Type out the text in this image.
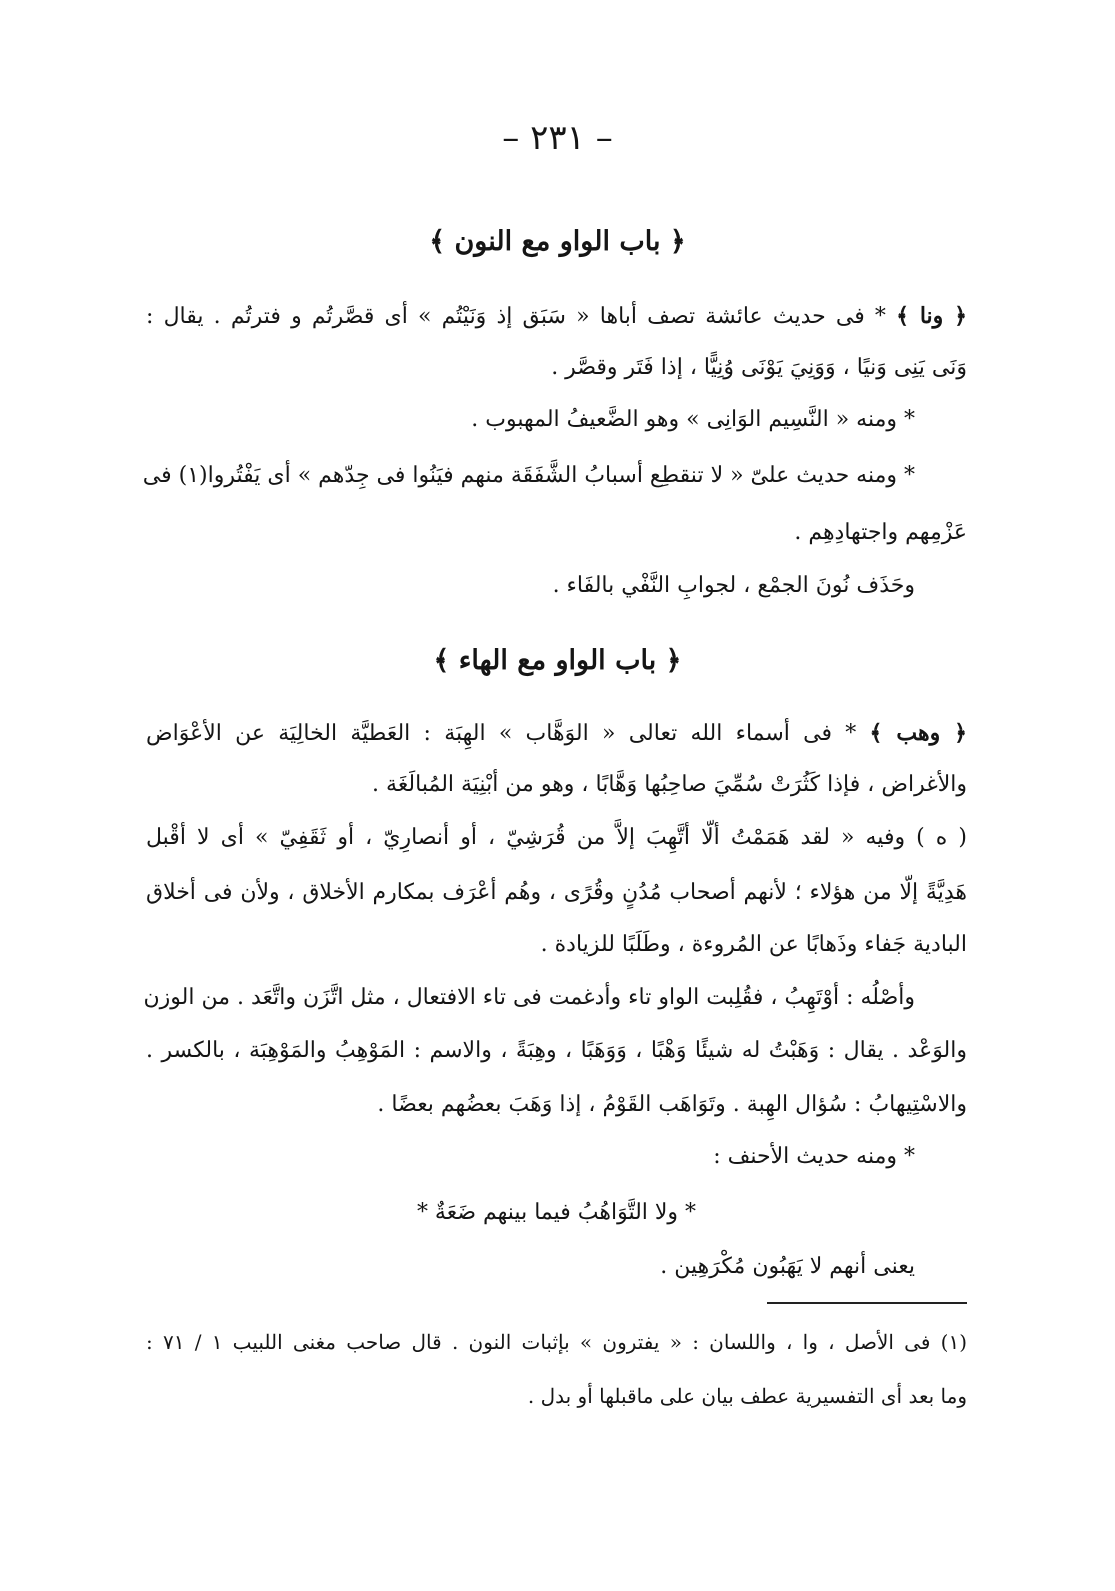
– ٢٣١ –
﴿ باب الواو مع النون ﴾
﴿ ونا ﴾ * فى حديث عائشة تصف أباها « سَبَق إذ وَنَيْتُم » أى قصَّرتُم و فترتُم . يقال :
وَنَى يَنِى وَنيًا ، وَوَنِيَ يَوْنَى وُنِيًّا ، إذا فَتَر وقصَّر .
* ومنه « النَّسِيم الوَانِى » وهو الضَّعيفُ المهبوب .
* ومنه حديث علىّ « لا تنقطِع أسبابُ الشَّفَقَة منهم فيَنُوا فى جِدّهم » أى يَفْتُروا(١) فى
عَزْمِهم واجتهادِهِم .
وحَذَف نُونَ الجمْع ، لجوابِ النَّفْي بالفَاء .
﴿ باب الواو مع الهاء ﴾
﴿ وهب ﴾ * فى أسماء الله تعالى « الوَهَّاب » الهِبَة : العَطيَّة الخالِيَة عن الأعْوَاض
والأغراض ، فإذا كَثُرَتْ سُمِّيَ صاحِبُها وَهَّابًا ، وهو من أبْنِيَة المُبالَغَة .
( ه ) وفيه « لقد هَمَمْتُ ألّا أتَّهِبَ إلاَّ من قُرَشِيّ ، أو أنصارِيّ ، أو ثَقَفِيّ » أى لا أقْبل
هَدِيَّةً إلّا من هؤلاء ؛ لأنهم أصحاب مُدُنٍ وقُرًى ، وهُم أعْرَف بمكارم الأخلاق ، ولأن فى أخلاق
البادية جَفاء وذَهابًا عن المُروءة ، وطَلَبًا للزيادة .
وأصْلُه : أوْتَهِبُ ، فقُلِبت الواو تاء وأدغمت فى تاء الافتعال ، مثل اتَّزَن واتَّعَد . من الوزن
والوَعْد . يقال : وَهَبْتُ له شيئًا وَهْبًا ، وَوَهَبًا ، وهِبَةً ، والاسم : المَوْهِبُ والمَوْهِبَة ، بالكسر .
والاسْتِيهابُ : سُؤال الهِبة . وتَوَاهَب القَوْمُ ، إذا وَهَبَ بعضُهم بعضًا .
* ومنه حديث الأحنف :
* ولا التَّوَاهُبُ فيما بينهم ضَعَةٌ *
يعنى أنهم لا يَهَبُون مُكْرَهِين .
(١) فى الأصل ، وا ، واللسان : « يفترون » بإثبات النون . قال صاحب مغنى اللبيب ١ / ٧١ :
وما بعد أى التفسيرية عطف بيان على ماقبلها أو بدل .
